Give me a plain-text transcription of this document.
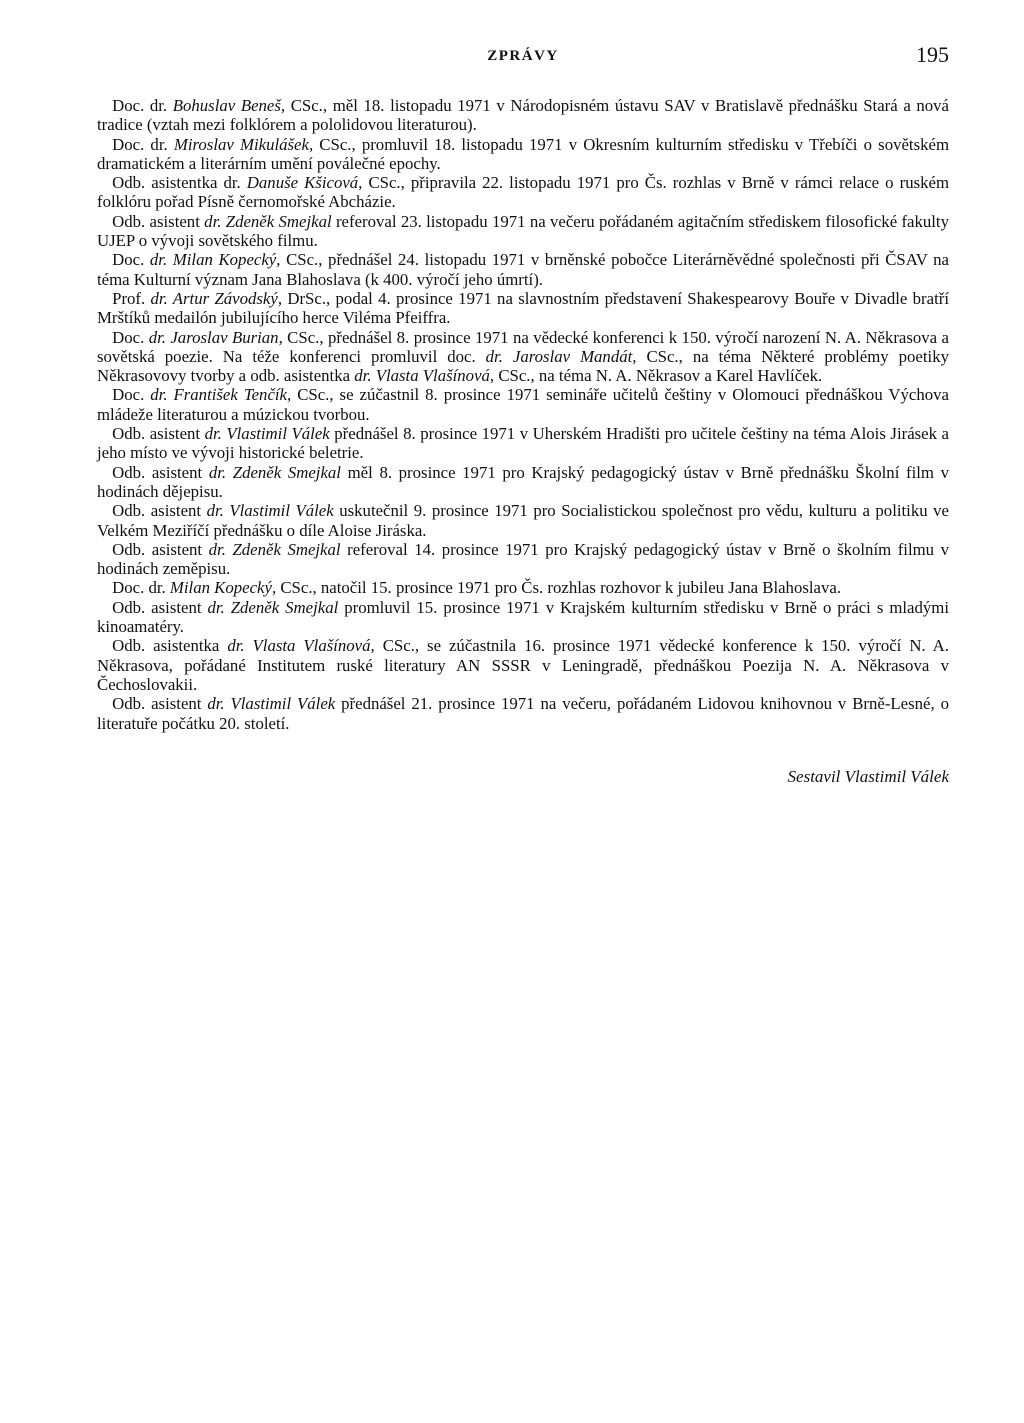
ZPRÁVY	195

Doc. dr. Bohuslav Beneš, CSc., měl 18. listopadu 1971 v Národopisném ústavu SAV v Bratislavě přednášku Stará a nová tradice (vztah mezi folklórem a pololidovou literaturou).

Doc. dr. Miroslav Mikulášek, CSc., promluvil 18. listopadu 1971 v Okresním kulturním středisku v Třebíči o sovětském dramatickém a literárním umění poválečné epochy.

Odb. asistentka dr. Danuše Kšicová, CSc., připravila 22. listopadu 1971 pro Čs. rozhlas v Brně v rámci relace o ruském folklóru pořad Písně černomořské Abcházie.

Odb. asistent dr. Zdeněk Smejkal referoval 23. listopadu 1971 na večeru pořádaném agitačním střediskem filosofické fakulty UJEP o vývoji sovětského filmu.

Doc. dr. Milan Kopecký, CSc., přednášel 24. listopadu 1971 v brněnské pobočce Literárněvědné společnosti při ČSAV na téma Kulturní význam Jana Blahoslava (k 400. výročí jeho úmrtí).

Prof. dr. Artur Závodský, DrSc., podal 4. prosince 1971 na slavnostním představení Shakespearovy Bouře v Divadle bratří Mrštíků medailón jubilujícího herce Viléma Pfeiffra.

Doc. dr. Jaroslav Burian, CSc., přednášel 8. prosince 1971 na vědecké konferenci k 150. výročí narození N. A. Někrasova a sovětská poezie. Na téže konferenci promluvil doc. dr. Jaroslav Mandát, CSc., na téma Některé problémy poetiky Někrasovovy tvorby a odb. asistentka dr. Vlasta Vlašínová, CSc., na téma N. A. Někrasov a Karel Havlíček.

Doc. dr. František Tenčík, CSc., se zúčastnil 8. prosince 1971 semináře učitelů češtiny v Olomouci přednáškou Výchova mládeže literaturou a múzickou tvorbou.

Odb. asistent dr. Vlastimil Válek přednášel 8. prosince 1971 v Uherském Hradišti pro učitele češtiny na téma Alois Jirásek a jeho místo ve vývoji historické beletrie.

Odb. asistent dr. Zdeněk Smejkal měl 8. prosince 1971 pro Krajský pedagogický ústav v Brně přednášku Školní film v hodinách dějepisu.

Odb. asistent dr. Vlastimil Válek uskutečnil 9. prosince 1971 pro Socialistickou společnost pro vědu, kulturu a politiku ve Velkém Meziříčí přednášku o díle Aloise Jiráska.

Odb. asistent dr. Zdeněk Smejkal referoval 14. prosince 1971 pro Krajský pedagogický ústav v Brně o školním filmu v hodinách zeměpisu.

Doc. dr. Milan Kopecký, CSc., natočil 15. prosince 1971 pro Čs. rozhlas rozhovor k jubileu Jana Blahoslava.

Odb. asistent dr. Zdeněk Smejkal promluvil 15. prosince 1971 v Krajském kulturním středisku v Brně o práci s mladými kinoamatéry.

Odb. asistentka dr. Vlasta Vlašínová, CSc., se zúčastnila 16. prosince 1971 vědecké konference k 150. výročí N. A. Někrasova, pořádané Institutem ruské literatury AN SSSR v Leningradě, přednáškou Poezija N. A. Někrasova v Čechoslovakii.

Odb. asistent dr. Vlastimil Válek přednášel 21. prosince 1971 na večeru, pořádaném Lidovou knihovnou v Brně-Lesné, o literatuře počátku 20. století.

Sestavil Vlastimil Válek
